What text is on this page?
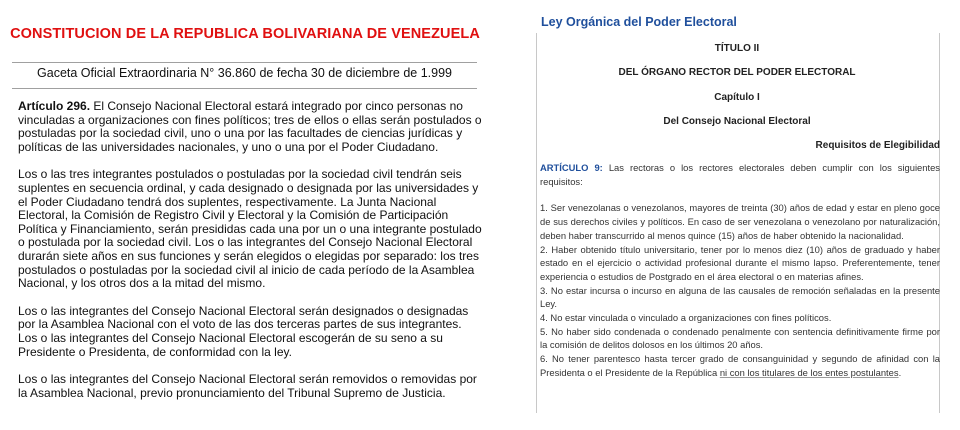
CONSTITUCION DE LA REPUBLICA BOLIVARIANA DE VENEZUELA
Gaceta Oficial Extraordinaria N° 36.860 de fecha 30 de diciembre de 1.999

Artículo 296. El Consejo Nacional Electoral estará integrado por cinco personas no vinculadas a organizaciones con fines políticos; tres de ellos o ellas serán postulados o postuladas por la sociedad civil, uno o una por las facultades de ciencias jurídicas y políticas de las universidades nacionales, y uno o una por el Poder Ciudadano.

Los o las tres integrantes postulados o postuladas por la sociedad civil tendrán seis suplentes en secuencia ordinal, y cada designado o designada por las universidades y el Poder Ciudadano tendrá dos suplentes, respectivamente. La Junta Nacional Electoral, la Comisión de Registro Civil y Electoral y la Comisión de Participación Política y Financiamiento, serán presididas cada una por un o una integrante postulado o postulada por la sociedad civil. Los o las integrantes del Consejo Nacional Electoral durarán siete años en sus funciones y serán elegidos o elegidas por separado: los tres postulados o postuladas por la sociedad civil al inicio de cada período de la Asamblea Nacional, y los otros dos a la mitad del mismo.

Los o las integrantes del Consejo Nacional Electoral serán designados o designadas por la Asamblea Nacional con el voto de las dos terceras partes de sus integrantes. Los o las integrantes del Consejo Nacional Electoral escogerán de su seno a su Presidente o Presidenta, de conformidad con la ley.

Los o las integrantes del Consejo Nacional Electoral serán removidos o removidas por la Asamblea Nacional, previo pronunciamiento del Tribunal Supremo de Justicia.

Ley Orgánica del Poder Electoral
TÍTULO II
DEL ÓRGANO RECTOR DEL PODER ELECTORAL
Capítulo I
Del Consejo Nacional Electoral
Requisitos de Elegibilidad

ARTÍCULO 9: Las rectoras o los rectores electorales deben cumplir con los siguientes requisitos:

1. Ser venezolanas o venezolanos, mayores de treinta (30) años de edad y estar en pleno goce de sus derechos civiles y políticos. En caso de ser venezolana o venezolano por naturalización, deben haber transcurrido al menos quince (15) años de haber obtenido la nacionalidad.

2. Haber obtenido título universitario, tener por lo menos diez (10) años de graduado y haber estado en el ejercicio o actividad profesional durante el mismo lapso. Preferentemente, tener experiencia o estudios de Postgrado en el área electoral o en materias afines.

3. No estar incursa o incurso en alguna de las causales de remoción señaladas en la presente Ley.

4. No estar vinculada o vinculado a organizaciones con fines políticos.

5. No haber sido condenada o condenado penalmente con sentencia definitivamente firme por la comisión de delitos dolosos en los últimos 20 años.

6. No tener parentesco hasta tercer grado de consanguinidad y segundo de afinidad con la Presidenta o el Presidente de la República ni con los titulares de los entes postulantes.
